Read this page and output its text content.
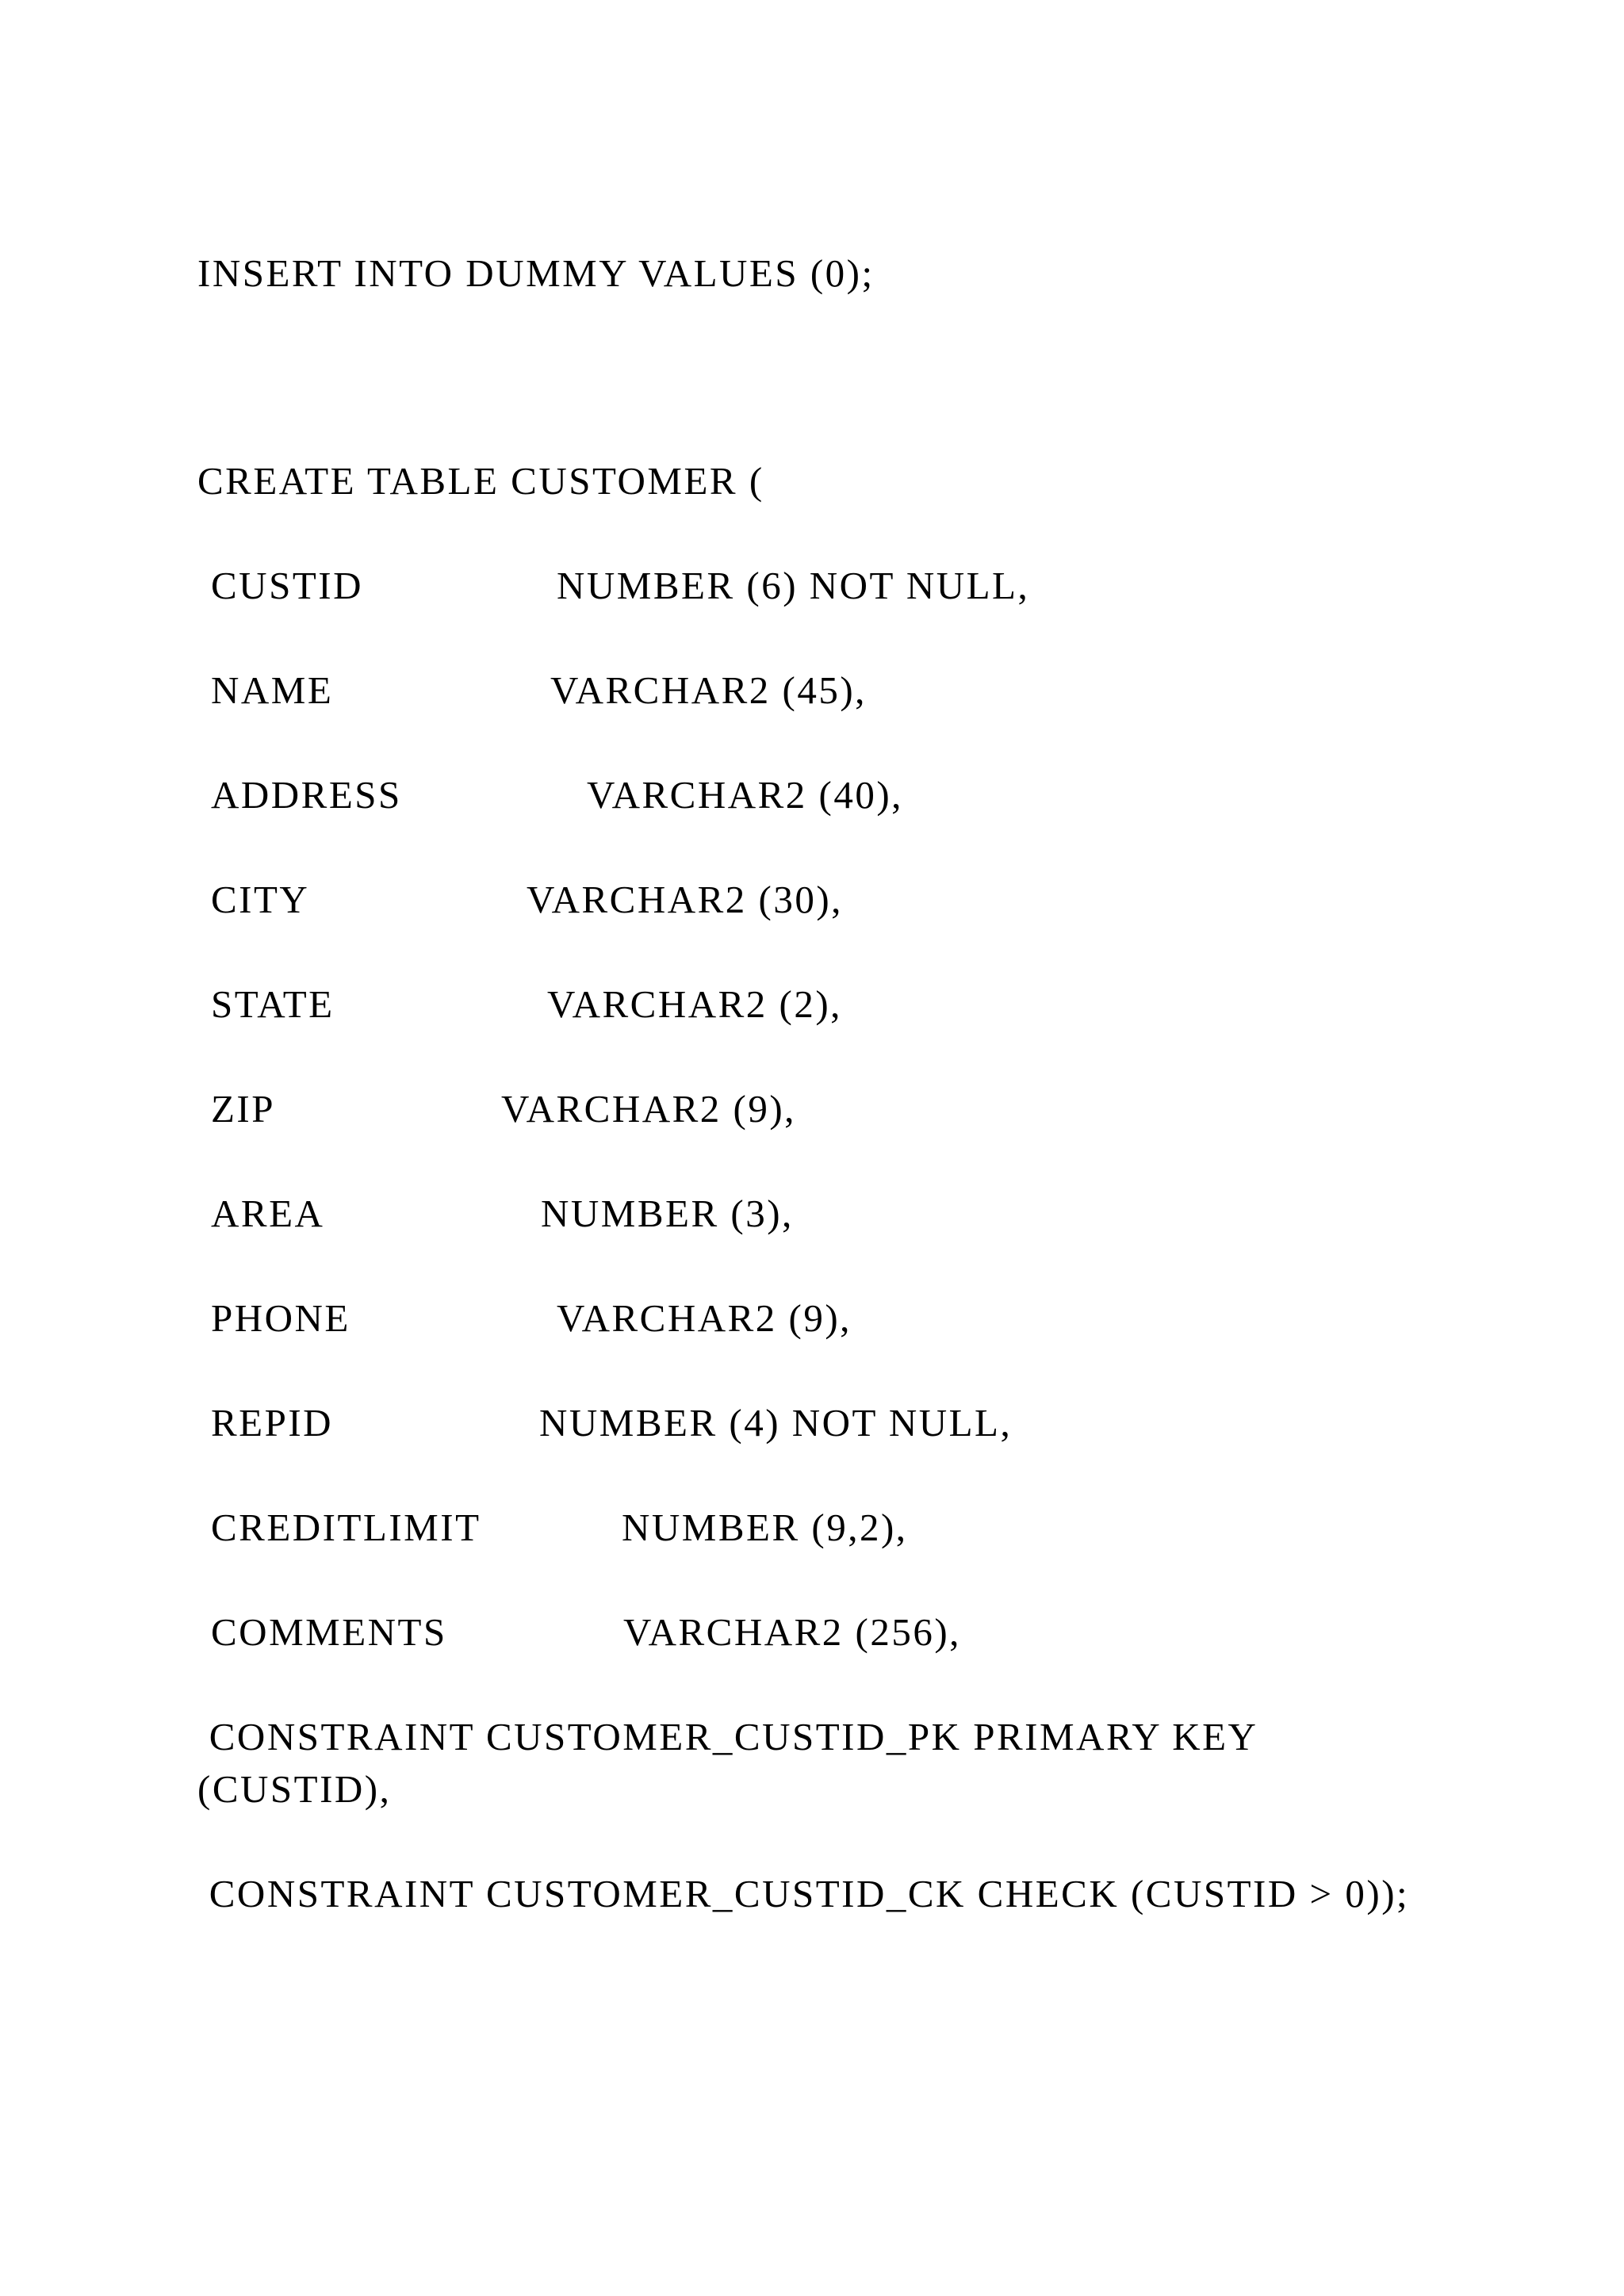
INSERT INTO DUMMY VALUES (0);
CREATE TABLE CUSTOMER (

CUSTID

	NUMBER (6) NOT NULL,

NAME

	VARCHAR2 (45),

ADDRESS

	VARCHAR2 (40),

CITY

	VARCHAR2 (30),

STATE

	VARCHAR2 (2),

ZIP

	VARCHAR2 (9),

AREA

	NUMBER (3),

PHONE

	VARCHAR2 (9),

REPID

	NUMBER (4) NOT NULL,

CREDITLIMIT

	NUMBER (9,2),

COMMENTS

	VARCHAR2 (256),

CONSTRAINT CUSTOMER_CUSTID_PK PRIMARY KEY (CUSTID),
CONSTRAINT CUSTOMER_CUSTID_CK CHECK (CUSTID > 0));
